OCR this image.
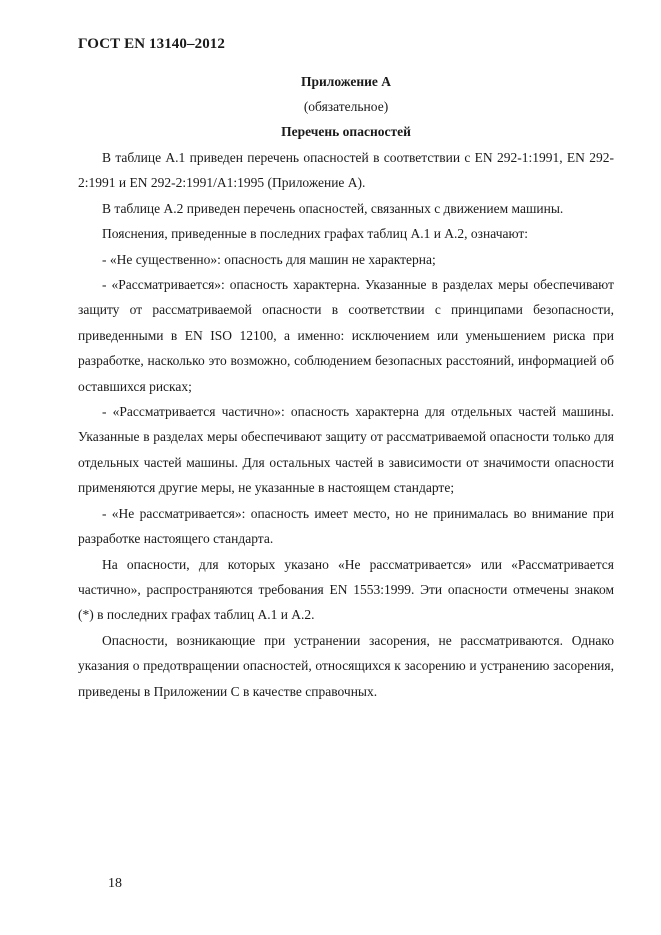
ГОСТ EN 13140–2012
Приложение А
(обязательное)
Перечень опасностей

В таблице А.1 приведен перечень опасностей в соответствии с EN 292-1:1991, EN 292-2:1991 и EN 292-2:1991/А1:1995 (Приложение А).

В таблице А.2 приведен перечень опасностей, связанных с движением машины.

Пояснения, приведенные в последних графах таблиц А.1 и А.2, означают:

- «Не существенно»: опасность для машин не характерна;

- «Рассматривается»: опасность характерна. Указанные в разделах меры обеспечивают защиту от рассматриваемой опасности в соответствии с принципами безопасности, приведенными в EN ISO 12100, а именно: исключением или уменьшением риска при разработке, насколько это возможно, соблюдением безопасных расстояний, информацией об оставшихся рисках;

- «Рассматривается частично»: опасность характерна для отдельных частей машины. Указанные в разделах меры обеспечивают защиту от рассматриваемой опасности только для отдельных частей машины. Для остальных частей в зависимости от значимости опасности применяются другие меры, не указанные в настоящем стандарте;

- «Не рассматривается»: опасность имеет место, но не принималась во внимание при разработке настоящего стандарта.

На опасности, для которых указано «Не рассматривается» или «Рассматривается частично», распространяются требования EN 1553:1999. Эти опасности отмечены знаком (*) в последних графах таблиц А.1 и А.2.

Опасности, возникающие при устранении засорения, не рассматриваются. Однако указания о предотвращении опасностей, относящихся к засорению и устранению засорения, приведены в Приложении С в качестве справочных.

18
